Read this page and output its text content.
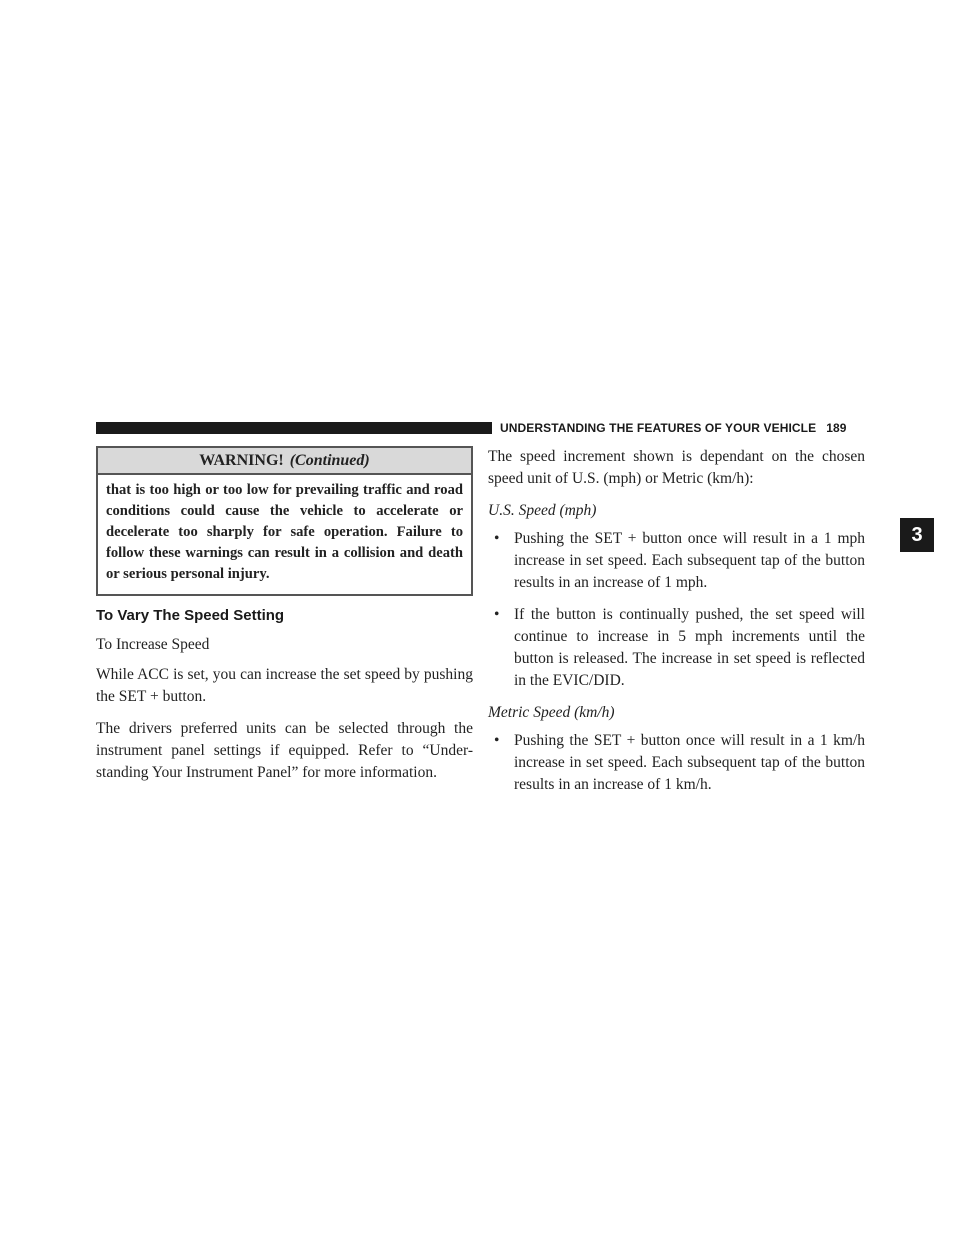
UNDERSTANDING THE FEATURES OF YOUR VEHICLE 189
3
WARNING! (Continued)
that is too high or too low for prevailing traffic and road conditions could cause the vehicle to accelerate or decelerate too sharply for safe operation. Failure to follow these warnings can result in a collision and death or serious personal injury.
To Vary The Speed Setting
To Increase Speed

While ACC is set, you can increase the set speed by pushing the SET + button.

The drivers preferred units can be selected through the instrument panel settings if equipped. Refer to “Under-standing Your Instrument Panel” for more information.

The speed increment shown is dependant on the chosen speed unit of U.S. (mph) or Metric (km/h):

U.S. Speed (mph)
• Pushing the SET + button once will result in a 1 mph increase in set speed. Each subsequent tap of the button results in an increase of 1 mph.
• If the button is continually pushed, the set speed will continue to increase in 5 mph increments until the button is released. The increase in set speed is reflected in the EVIC/DID.
Metric Speed (km/h)
• Pushing the SET + button once will result in a 1 km/h increase in set speed. Each subsequent tap of the button results in an increase of 1 km/h.
